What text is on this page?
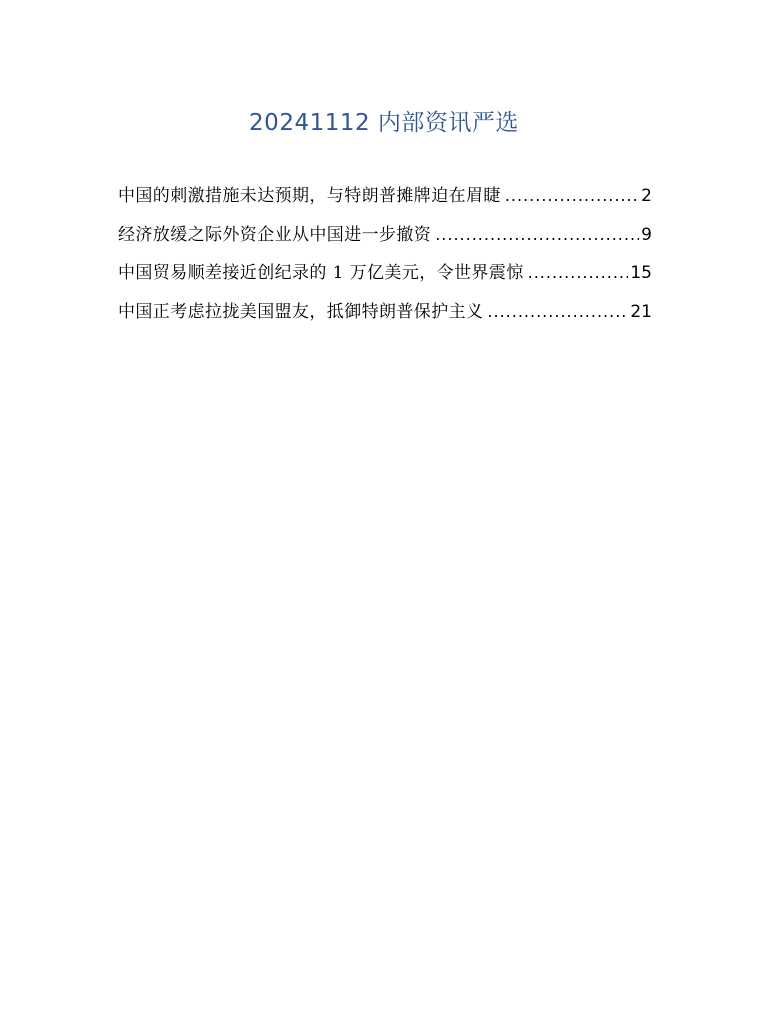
20241112 内部资讯严选
中国的刺激措施未达预期，与特朗普摊牌迫在眉睫 .....	2
经济放缓之际外资企业从中国进一步撤资 .....	9
中国贸易顺差接近创纪录的 1 万亿美元，令世界震惊 .....	15
中国正考虑拉拢美国盟友，抵御特朗普保护主义 .....	21
